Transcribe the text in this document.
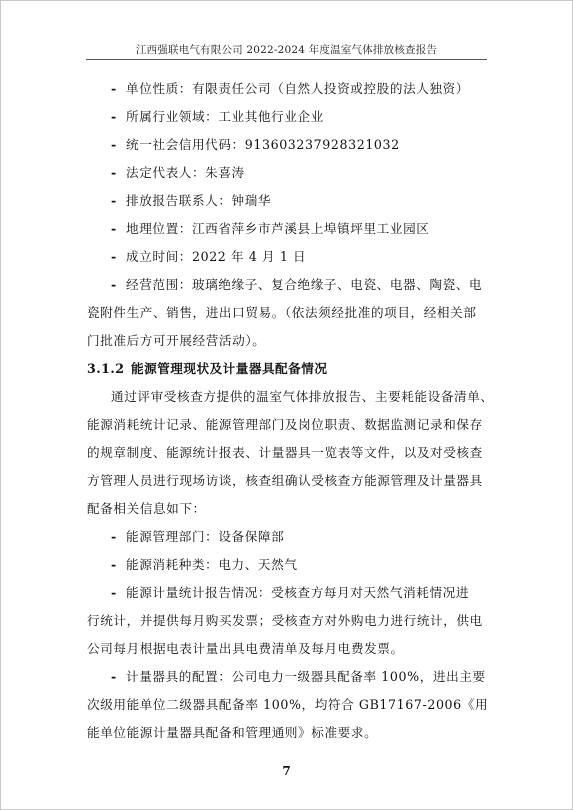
江西强联电气有限公司 2022-2024 年度温室气体排放核查报告
- 单位性质：有限责任公司（自然人投资或控股的法人独资）
- 所属行业领域：工业其他行业企业
- 统一社会信用代码：91360323792832103​2
- 法定代表人：朱喜涛
- 排放报告联系人：钟瑞华
- 地理位置：江西省萍乡市芦溪县上埠镇坪里工业园区
- 成立时间：2022 年 4 月 1 日
- 经营范围：玻璃绝缘子、复合绝缘子、电瓷、电器、陶瓷、电
瓷附件生产、销售，进出口贸易。（依法须经批准的项目，经相关部
门批准后方可开展经营活动）。
3.1.2 能源管理现状及计量器具配备情况
通过评审受核查方提供的温室气体排放报告、主要耗能设备清单、
能源消耗统计记录、能源管理部门及岗位职责、数据监测记录和保存
的规章制度、能源统计报表、计量器具一览表等文件，以及对受核查
方管理人员进行现场访谈，核查组确认受核查方能源管理及计量器具
配备相关信息如下：
- 能源管理部门：设备保障部
- 能源消耗种类：电力、天然气
- 能源计量统计报告情况：受核查方每月对天然气消耗情况进
行统计，并提供每月购买发票；受核查方对外购电力进行统计，供电
公司每月根据电表计量出具电费清单及每月电费发票。
- 计量器具的配置：公司电力一级器具配备率 100%，进出主要
次级用能单位二级器具配备率 100%，均符合 GB17167-2006《用
能单位能源计量器具配备和管理通则》标准要求。
7
